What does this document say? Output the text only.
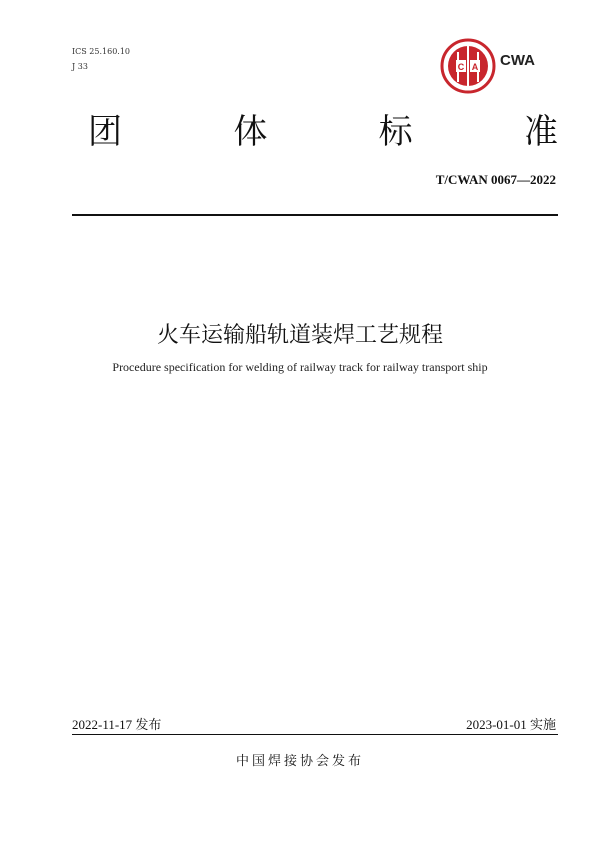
ICS 25.160.10
J 33	C A CWA
团	体	标	准
T/CWAN 0067—2022
火车运输船轨道装焊工艺规程
Procedure specification for welding of railway track for railway transport ship
2022-11-17 发布	2023-01-01 实施
中国焊接协会发布
